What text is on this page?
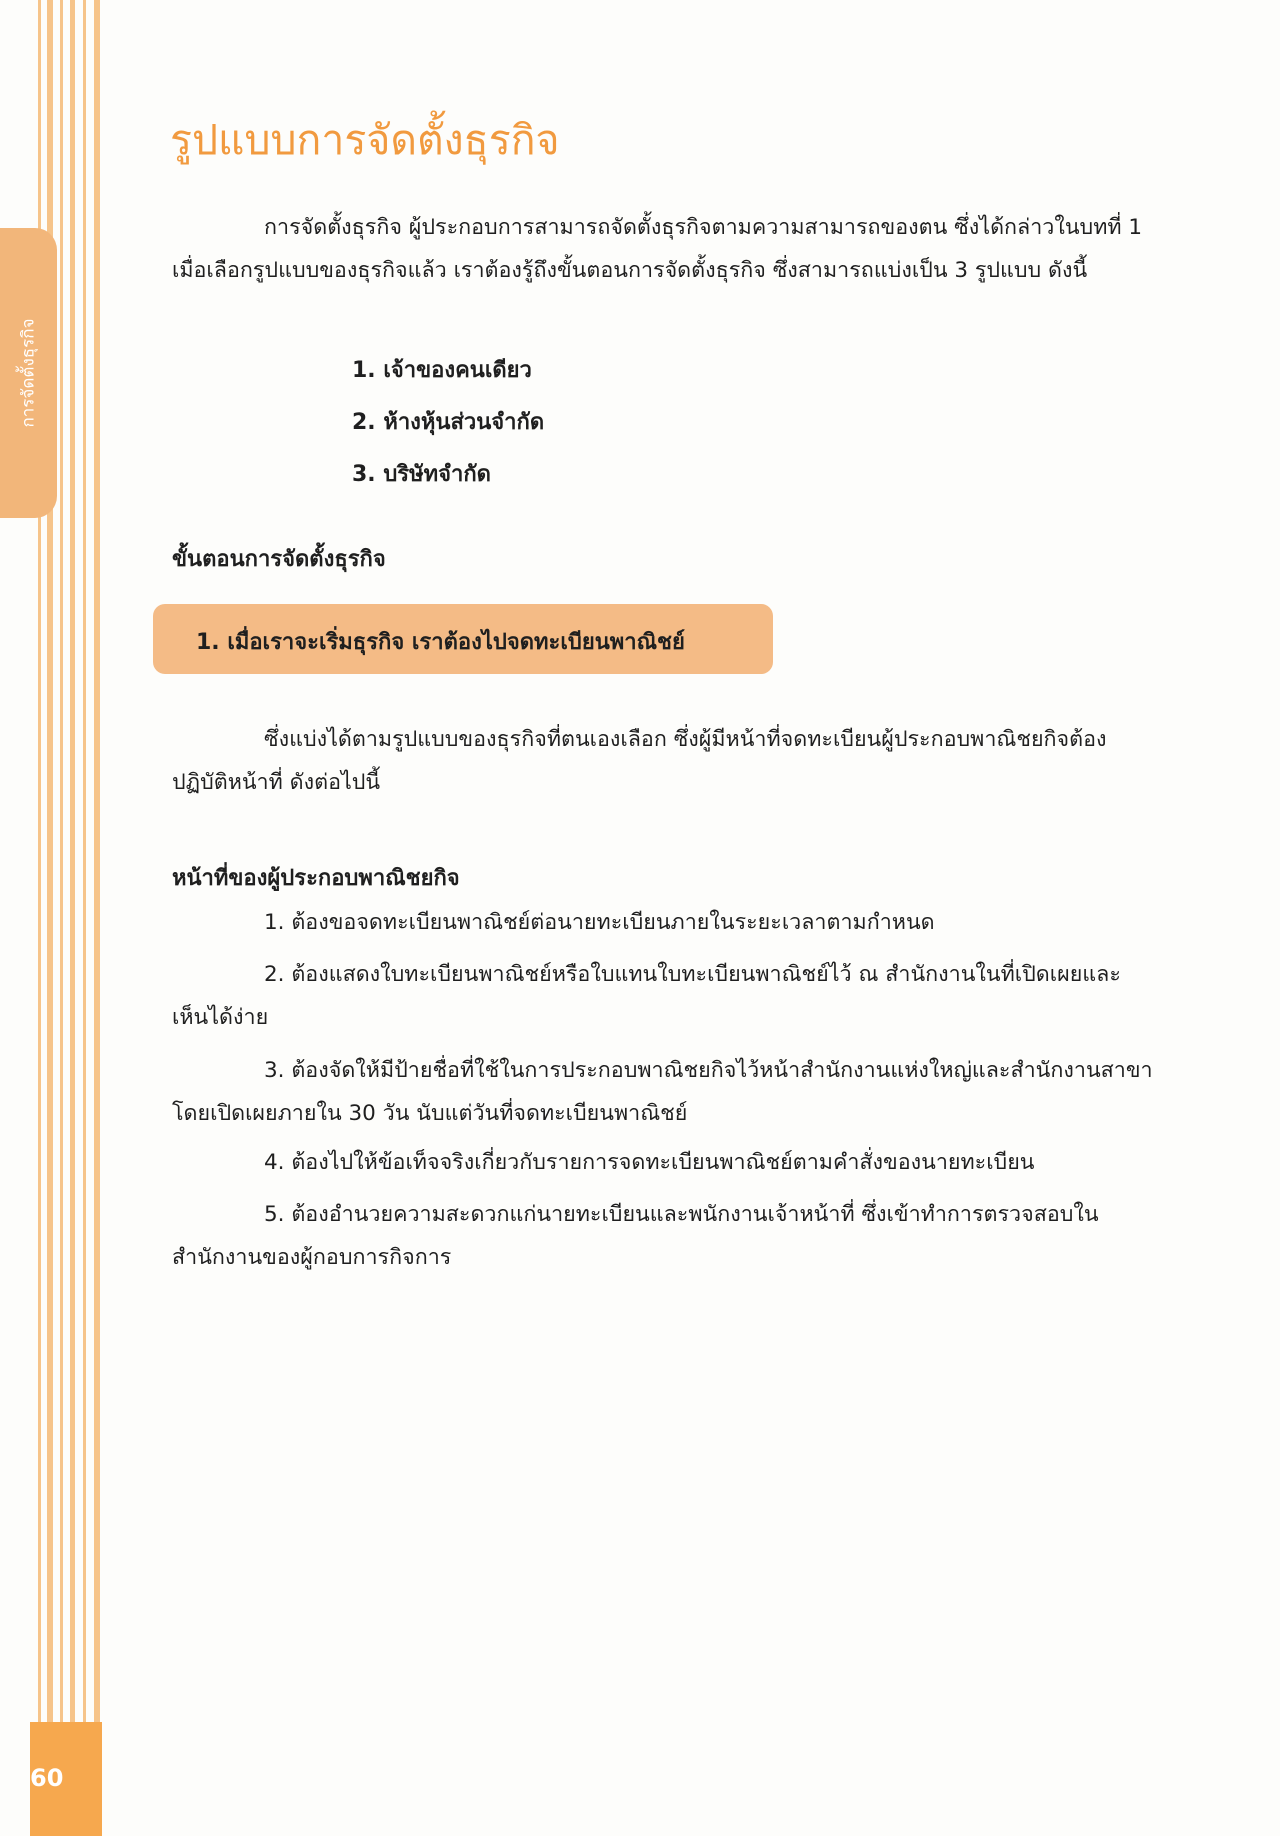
การจัดตั้งธุรกิจ
60
รูปแบบการจัดตั้งธุรกิจ

การจัดตั้งธุรกิจ ผู้ประกอบการสามารถจัดตั้งธุรกิจตามความสามารถของตน ซึ่งได้กล่าวในบทที่ 1 เมื่อเลือกรูปแบบของธุรกิจแล้ว เราต้องรู้ถึงขั้นตอนการจัดตั้งธุรกิจ ซึ่งสามารถแบ่งเป็น 3 รูปแบบ ดังนี้

1. เจ้าของคนเดียว

2. ห้างหุ้นส่วนจำกัด

3. บริษัทจำกัด

ขั้นตอนการจัดตั้งธุรกิจ

1. เมื่อเราจะเริ่มธุรกิจ เราต้องไปจดทะเบียนพาณิชย์

ซึ่งแบ่งได้ตามรูปแบบของธุรกิจที่ตนเองเลือก ซึ่งผู้มีหน้าที่จดทะเบียนผู้ประกอบพาณิชยกิจต้องปฏิบัติหน้าที่ ดังต่อไปนี้

หน้าที่ของผู้ประกอบพาณิชยกิจ

1. ต้องขอจดทะเบียนพาณิชย์ต่อนายทะเบียนภายในระยะเวลาตามกำหนด

2. ต้องแสดงใบทะเบียนพาณิชย์หรือใบแทนใบทะเบียนพาณิชย์ไว้ ณ สำนักงานในที่เปิดเผยและเห็นได้ง่าย

3. ต้องจัดให้มีป้ายชื่อที่ใช้ในการประกอบพาณิชยกิจไว้หน้าสำนักงานแห่งใหญ่และสำนักงานสาขาโดยเปิดเผยภายใน 30 วัน นับแต่วันที่จดทะเบียนพาณิชย์

4. ต้องไปให้ข้อเท็จจริงเกี่ยวกับรายการจดทะเบียนพาณิชย์ตามคำสั่งของนายทะเบียน

5. ต้องอำนวยความสะดวกแก่นายทะเบียนและพนักงานเจ้าหน้าที่ ซึ่งเข้าทำการตรวจสอบในสำนักงานของผู้กอบการกิจการ
